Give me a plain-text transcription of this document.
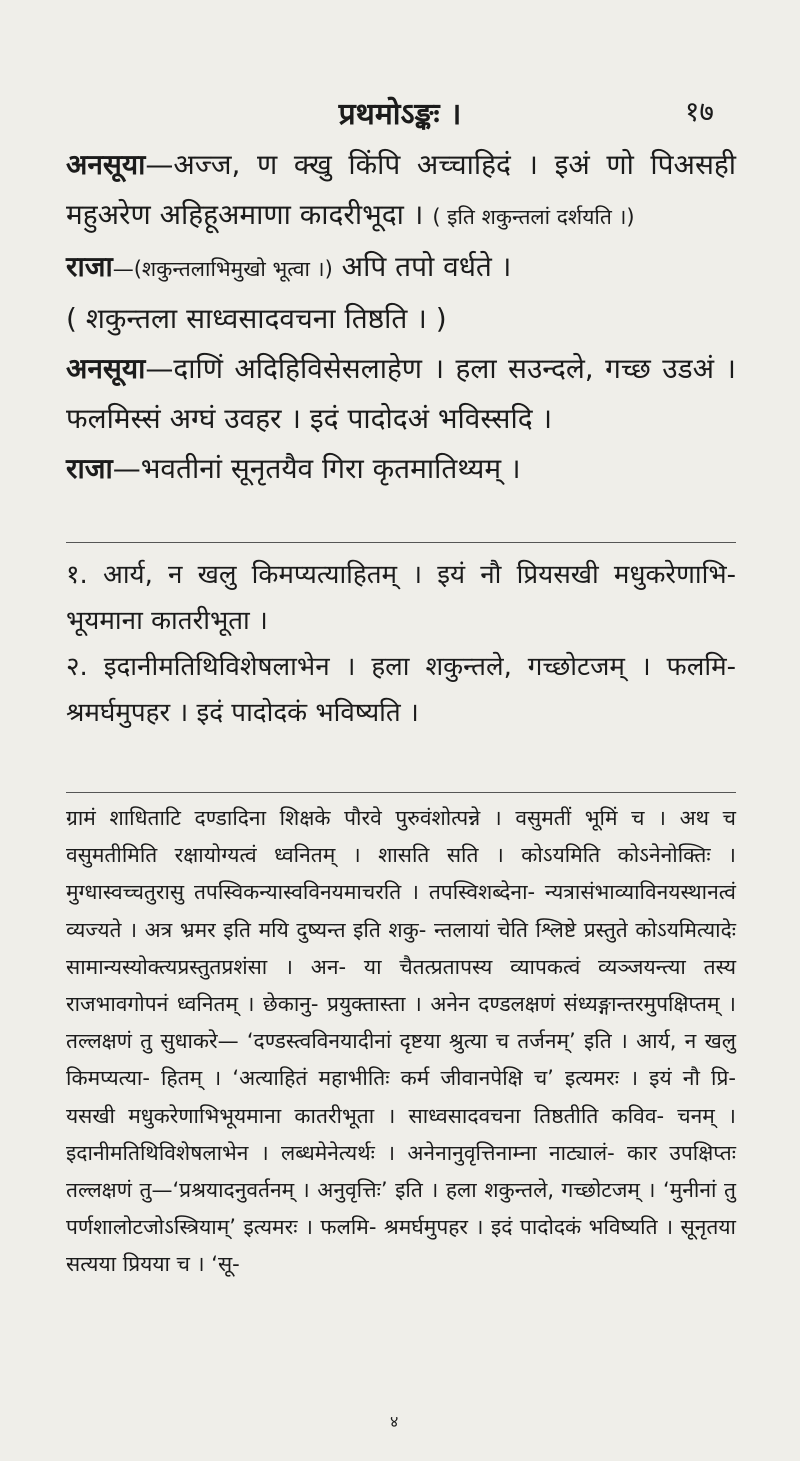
प्रथमोऽङ्कः ।	१७

अनसूया—अज्ज, ण क्खु किंपि अच्चाहिदं । इअं णो पिअसही महुअरेण अहिहूअमाणा कादरीभूदा । ( इति शकुन्तलां दर्शयति ।)

राजा—(शकुन्तलाभिमुखो भूत्वा ।) अपि तपो वर्धते ।

( शकुन्तला साध्वसादवचना तिष्ठति । )

अनसूया—दाणिं अदिहिविसेसलाहेण । हला सउन्दले, गच्छ उडअं । फलमिस्सं अग्घं उवहर । इदं पादोदअं भविस्सदि ।

राजा—भवतीनां सूनृतयैव गिरा कृतमातिथ्यम् ।

१. आर्य, न खलु किमप्यत्याहितम् । इयं नौ प्रियसखी मधुकरेणाभि- भूयमाना कातरीभूता ।

२. इदानीमतिथिविशेषलाभेन । हला शकुन्तले, गच्छोटजम् । फलमि- श्रमर्घमुपहर । इदं पादोदकं भविष्यति ।

ग्रामं शाधिताटि दण्डादिना शिक्षके पौरवे पुरुवंशोत्पन्ने । वसुमतीं भूमिं च । अथ च वसुमतीमिति रक्षायोग्यत्वं ध्वनितम् । शासति सति । कोऽयमिति कोऽनेनोक्तिः । मुग्धास्वच्चतुरासु तपस्विकन्यास्वविनयमाचरति । तपस्विशब्देना- न्यत्रासंभाव्याविनयस्थानत्वं व्यज्यते । अत्र भ्रमर इति मयि दुष्यन्त इति शकु- न्तलायां चेति श्लिष्टे प्रस्तुते कोऽयमित्यादेः सामान्यस्योक्त्यप्रस्तुतप्रशंसा । अन- या चैतत्प्रतापस्य व्यापकत्वं व्यञ्जयन्त्या तस्य राजभावगोपनं ध्वनितम् । छेकानु- प्रयुक्तास्ता । अनेन दण्डलक्षणं संध्यङ्गान्तरमुपक्षिप्तम् । तल्लक्षणं तु सुधाकरे— ‘दण्डस्त्वविनयादीनां दृष्टया श्रुत्या च तर्जनम्’ इति । आर्य, न खलु किमप्यत्या- हितम् । ‘अत्याहितं महाभीतिः कर्म जीवानपेक्षि च’ इत्यमरः । इयं नौ प्रि- यसखी मधुकरेणाभिभूयमाना कातरीभूता । साध्वसादवचना तिष्ठतीति कविव- चनम् । इदानीमतिथिविशेषलाभेन । लब्धमेनेत्यर्थः । अनेनानुवृत्तिनाम्ना नाट्यालं- कार उपक्षिप्तः तल्लक्षणं तु—‘प्रश्रयादनुवर्तनम् । अनुवृत्तिः’ इति । हला शकुन्तले, गच्छोटजम् । ‘मुनीनां तु पर्णशालोटजोऽस्त्रियाम्’ इत्यमरः । फलमि- श्रमर्घमुपहर । इदं पादोदकं भविष्यति । सूनृतया सत्यया प्रियया च । ‘सू-

४
